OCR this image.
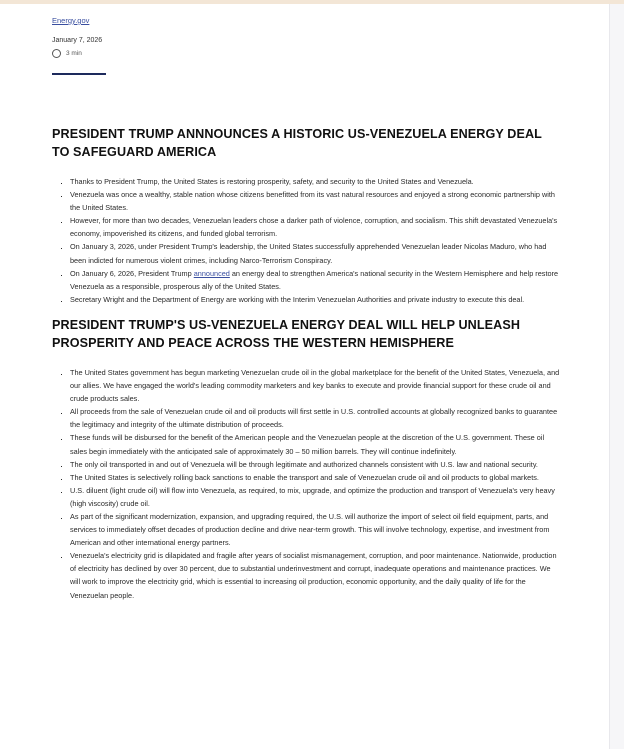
Energy.gov
January 7, 2026
3 min
PRESIDENT TRUMP ANNNOUNCES A HISTORIC US-VENEZUELA ENERGY DEAL TO SAFEGUARD AMERICA
▪ Thanks to President Trump, the United States is restoring prosperity, safety, and security to the United States and Venezuela.
▪ Venezuela was once a wealthy, stable nation whose citizens benefitted from its vast natural resources and enjoyed a strong economic partnership with the United States.
▪ However, for more than two decades, Venezuelan leaders chose a darker path of violence, corruption, and socialism. This shift devastated Venezuela's economy, impoverished its citizens, and funded global terrorism.
▪ On January 3, 2026, under President Trump's leadership, the United States successfully apprehended Venezuelan leader Nicolas Maduro, who had been indicted for numerous violent crimes, including Narco-Terrorism Conspiracy.
▪ On January 6, 2026, President Trump announced an energy deal to strengthen America's national security in the Western Hemisphere and help restore Venezuela as a responsible, prosperous ally of the United States.
▪ Secretary Wright and the Department of Energy are working with the Interim Venezuelan Authorities and private industry to execute this deal.
PRESIDENT TRUMP'S US-VENEZUELA ENERGY DEAL WILL HELP UNLEASH PROSPERITY AND PEACE ACROSS THE WESTERN HEMISPHERE
▪ The United States government has begun marketing Venezuelan crude oil in the global marketplace for the benefit of the United States, Venezuela, and our allies. We have engaged the world's leading commodity marketers and key banks to execute and provide financial support for these crude oil and crude products sales.
▪ All proceeds from the sale of Venezuelan crude oil and oil products will first settle in U.S. controlled accounts at globally recognized banks to guarantee the legitimacy and integrity of the ultimate distribution of proceeds.
▪ These funds will be disbursed for the benefit of the American people and the Venezuelan people at the discretion of the U.S. government. These oil sales begin immediately with the anticipated sale of approximately 30 – 50 million barrels. They will continue indefinitely.
▪ The only oil transported in and out of Venezuela will be through legitimate and authorized channels consistent with U.S. law and national security.
▪ The United States is selectively rolling back sanctions to enable the transport and sale of Venezuelan crude oil and oil products to global markets.
▪ U.S. diluent (light crude oil) will flow into Venezuela, as required, to mix, upgrade, and optimize the production and transport of Venezuela's very heavy (high viscosity) crude oil.
▪ As part of the significant modernization, expansion, and upgrading required, the U.S. will authorize the import of select oil field equipment, parts, and services to immediately offset decades of production decline and drive near-term growth. This will involve technology, expertise, and investment from American and other international energy partners.
▪ Venezuela's electricity grid is dilapidated and fragile after years of socialist mismanagement, corruption, and poor maintenance. Nationwide, production of electricity has declined by over 30 percent, due to substantial underinvestment and corrupt, inadequate operations and maintenance practices. We will work to improve the electricity grid, which is essential to increasing oil production, economic opportunity, and the daily quality of life for the Venezuelan people.
